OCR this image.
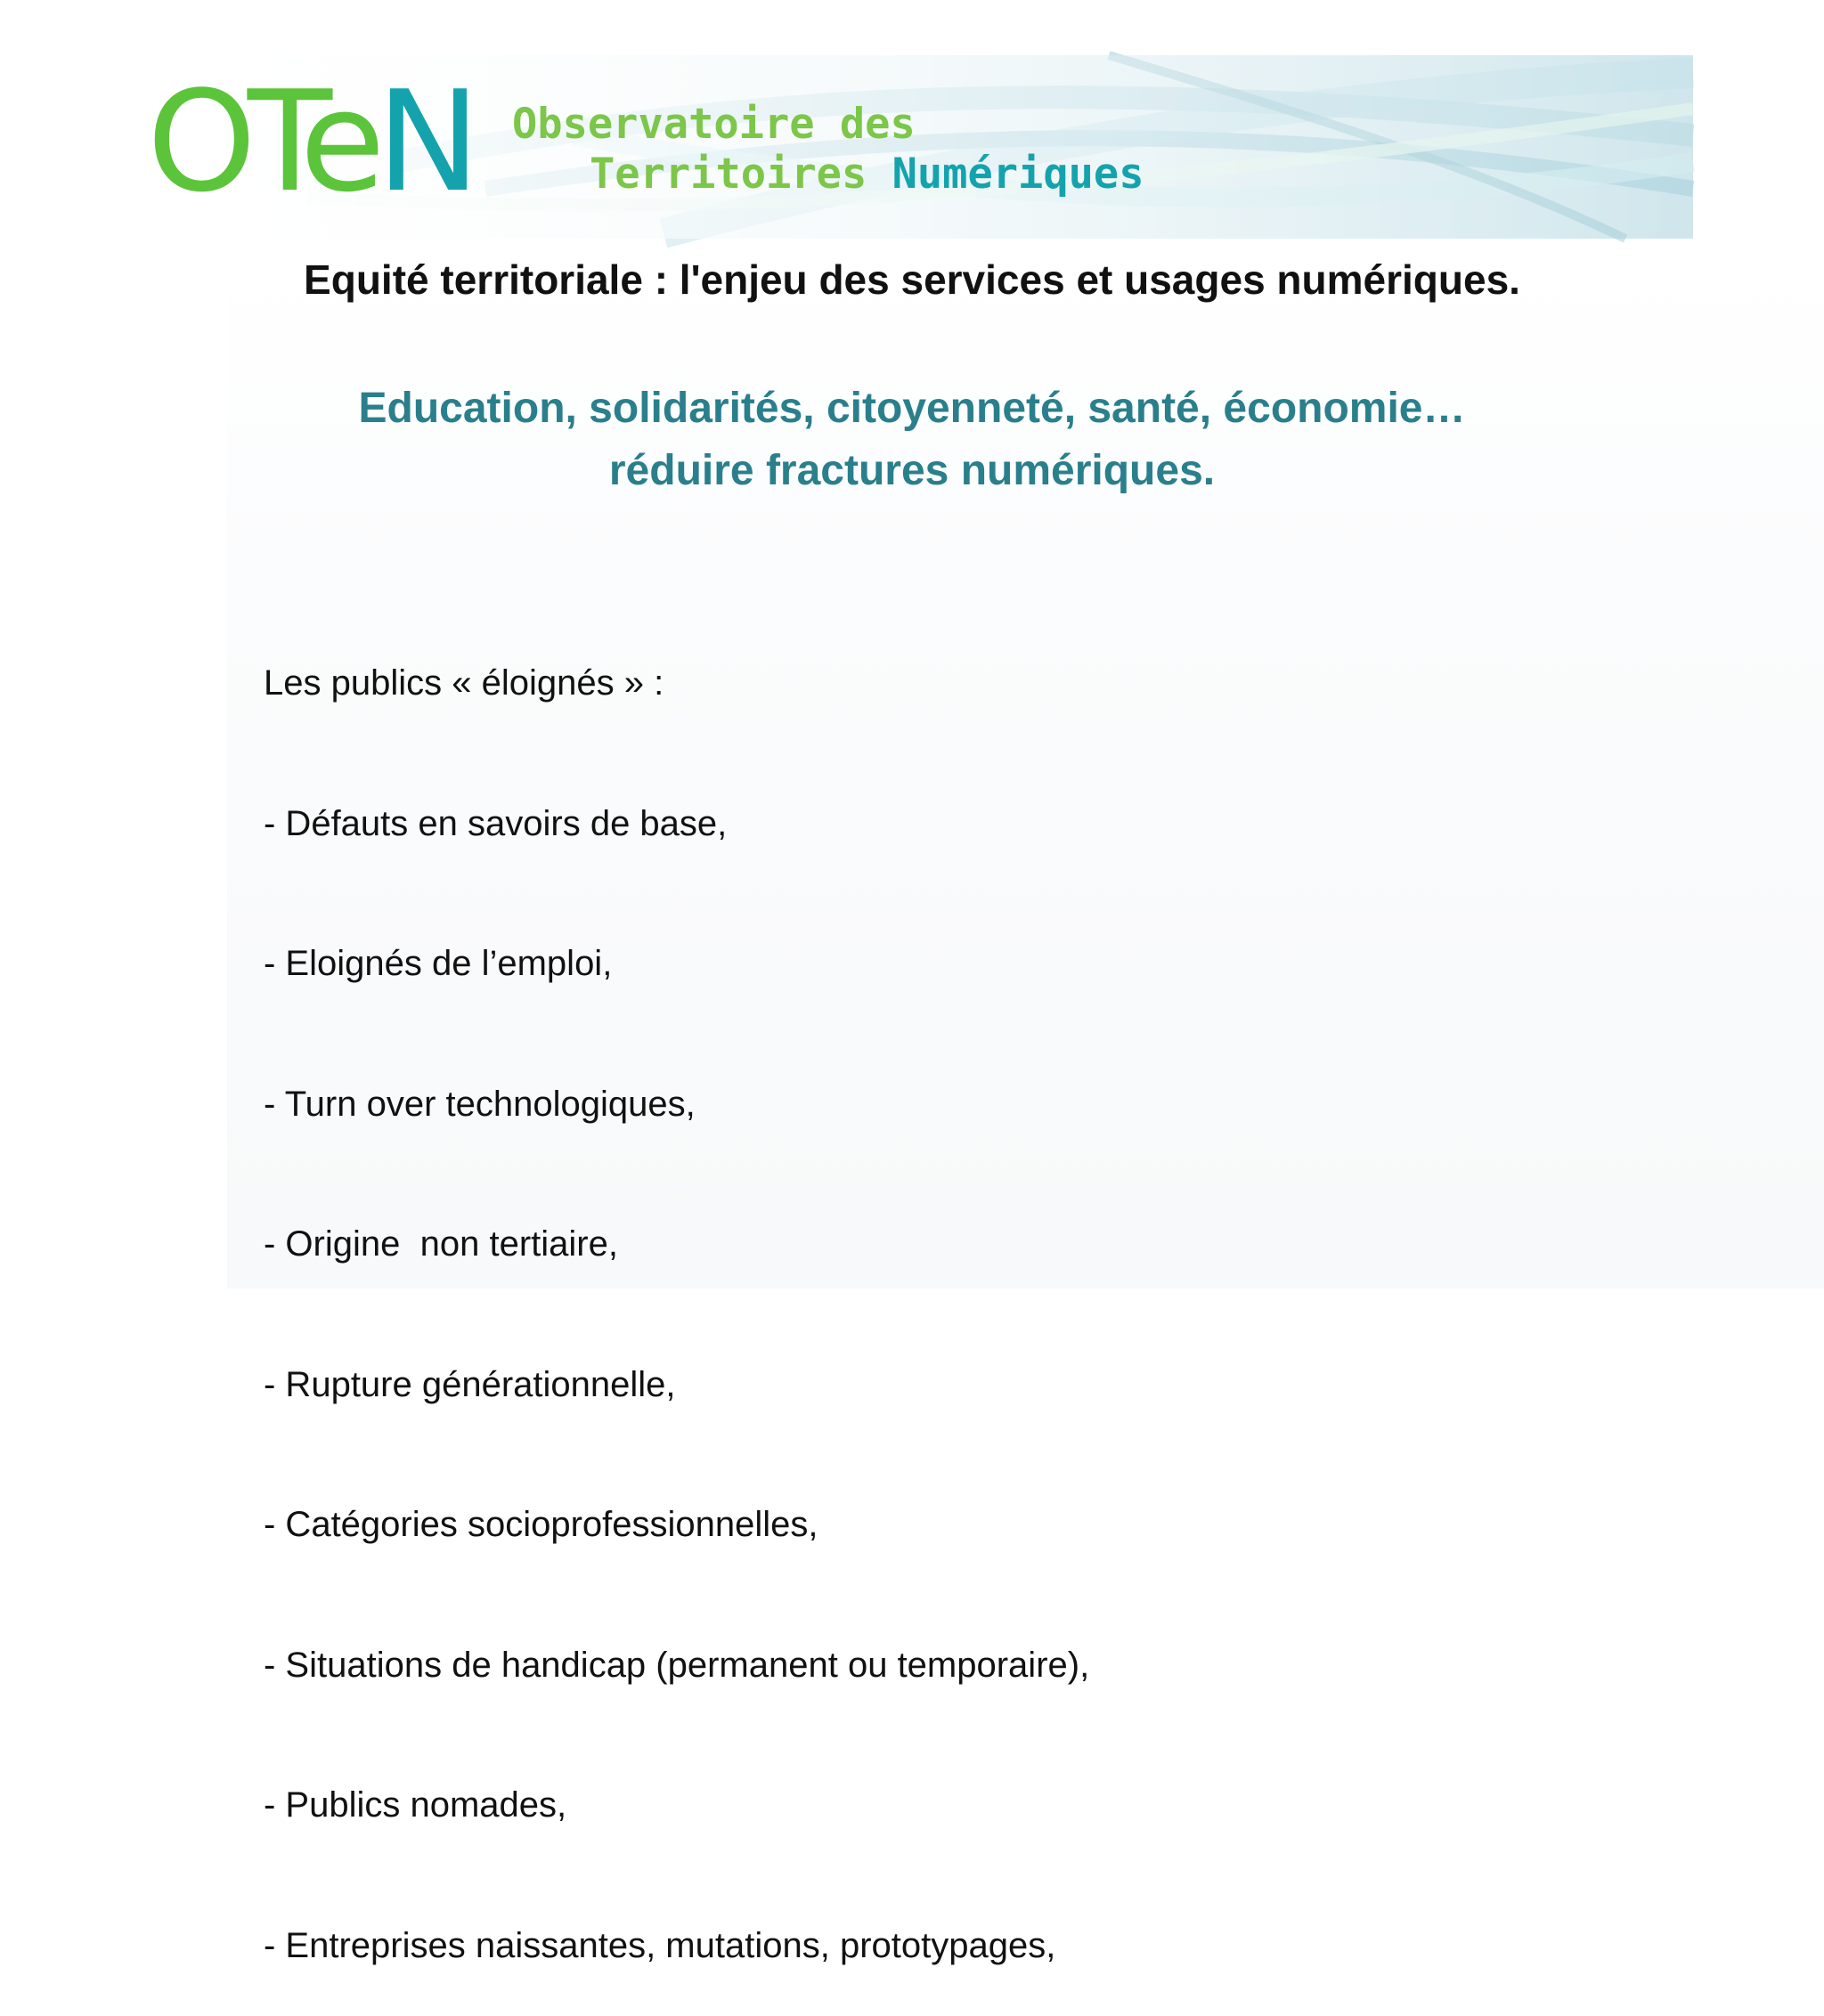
OTeN Observatoire des
Territoires Numériques
Equité territoriale : l'enjeu des services et usages numériques.
Education, solidarités, citoyenneté, santé, économie…
réduire fractures numériques.

Les publics « éloignés » :

- Défauts en savoirs de base,

- Eloignés de l’emploi,

- Turn over technologiques,

- Origine  non tertiaire,

- Rupture générationnelle,

- Catégories socioprofessionnelles,

- Situations de handicap (permanent ou temporaire),

- Publics nomades,

- Entreprises naissantes, mutations, prototypages,
